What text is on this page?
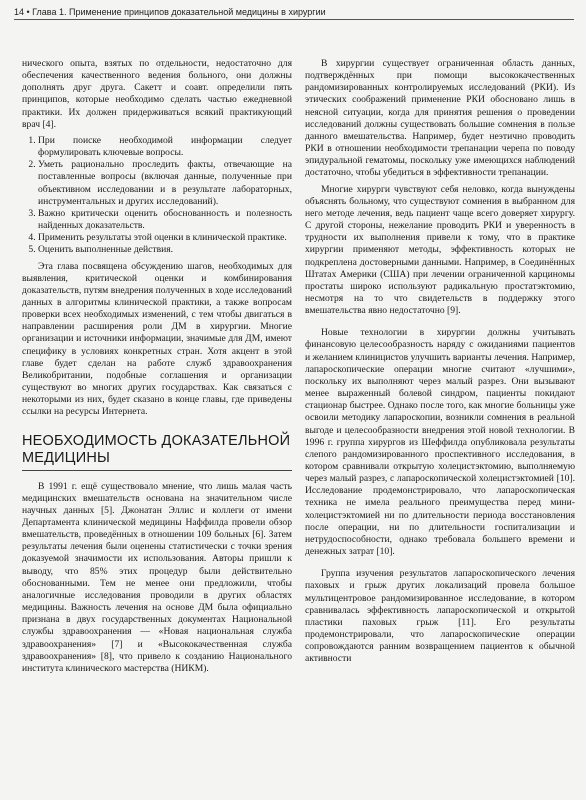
14 • Глава 1. Применение принципов доказательной медицины в хирургии

нического опыта, взятых по отдельности, недостаточно для обеспечения качественного ведения больного, они должны дополнять друг друга. Сакетт и соавт. определили пять принципов, которые необходимо сделать частью ежедневной практики. Их должен придерживаться всякий практикующий врач [4].

1. При поиске необходимой информации следует формулировать ключевые вопросы.
2. Уметь рационально проследить факты, отвечающие на поставленные вопросы (включая данные, полученные при объективном исследовании и в результате лабораторных, инструментальных и других исследований).
3. Важно критически оценить обоснованность и полезность найденных доказательств.
4. Применить результаты этой оценки в клинической практике.
5. Оценить выполненные действия.

Эта глава посвящена обсуждению шагов, необходимых для выявления, критической оценки и комбинирования доказательств, путям внедрения полученных в ходе исследований данных в алгоритмы клинической практики, а также вопросам проверки всех необходимых изменений, с тем чтобы двигаться в направлении расширения роли ДМ в хирургии. Многие организации и источники информации, значимые для ДМ, имеют специфику в условиях конкретных стран. Хотя акцент в этой главе будет сделан на работе служб здравоохранения Великобритании, подобные соглашения и организации существуют во многих других государствах. Как связаться с некоторыми из них, будет сказано в конце главы, где приведены ссылки на ресурсы Интернета.

НЕОБХОДИМОСТЬ ДОКАЗАТЕЛЬНОЙ МЕДИЦИНЫ

В 1991 г. ещё существовало мнение, что лишь малая часть медицинских вмешательств основана на значительном числе научных данных [5]. Джонатан Эллис и коллеги от имени Департамента клинической медицины Наффилда провели обзор вмешательств, проведённых в отношении 109 больных [6]. Затем результаты лечения были оценены статистически с точки зрения доказуемой значимости их использования. Авторы пришли к выводу, что 85% этих процедур были действительно обоснованными. Тем не менее они предложили, чтобы аналогичные исследования проводили в других областях медицины. Важность лечения на основе ДМ была официально признана в двух государственных документах Национальной службы здравоохранения — «Новая национальная служба здравоохранения» [7] и «Высококачественная служба здравоохранения» [8], что привело к созданию Национального института клинического мастерства (НИКМ).

В хирургии существует ограниченная область данных, подтверждённых при помощи высококачественных рандомизированных контролируемых исследований (РКИ). Из этических соображений применение РКИ обосновано лишь в неясной ситуации, когда для принятия решения о проведении исследований должны существовать большие сомнения в пользе данного вмешательства. Например, будет неэтично проводить РКИ в отношении необходимости трепанации черепа по поводу эпидуральной гематомы, поскольку уже имеющихся наблюдений достаточно, чтобы убедиться в эффективности трепанации.

Многие хирурги чувствуют себя неловко, когда вынуждены объяснять больному, что существуют сомнения в выбранном для него методе лечения, ведь пациент чаще всего доверяет хирургу. С другой стороны, нежелание проводить РКИ и уверенность в трудности их выполнения привели к тому, что в практике хирургии применяют методы, эффективность которых не подкреплена достоверными данными. Например, в Соединённых Штатах Америки (США) при лечении ограниченной карциномы простаты широко используют радикальную простатэктомию, несмотря на то что свидетельств в поддержку этого вмешательства явно недостаточно [9].

Новые технологии в хирургии должны учитывать финансовую целесообразность наряду с ожиданиями пациентов и желанием клиницистов улучшить варианты лечения. Например, лапароскопические операции многие считают «лучшими», поскольку их выполняют через малый разрез. Они вызывают менее выраженный болевой синдром, пациенты покидают стационар быстрее. Однако после того, как многие больницы уже освоили методику лапароскопии, возникли сомнения в реальной выгоде и целесообразности внедрения этой новой технологии. В 1996 г. группа хирургов из Шеффилда опубликовала результаты слепого рандомизированного проспективного исследования, в котором сравнивали открытую холецистэктомию, выполняемую через малый разрез, с лапароскопической холецистэктомией [10]. Исследование продемонстрировало, что лапароскопическая техника не имела реального преимущества перед мини-холецистэктомией ни по длительности периода восстановления после операции, ни по длительности госпитализации и нетрудоспособности, однако требовала большего времени и денежных затрат [10].

Группа изучения результатов лапароскопического лечения паховых и грыж других локализаций провела большое мультицентровое рандомизированное исследование, в котором сравнивалась эффективность лапароскопической и открытой пластики паховых грыж [11]. Его результаты продемонстрировали, что лапароскопические операции сопровождаются ранним возвращением пациентов к обычной активности
